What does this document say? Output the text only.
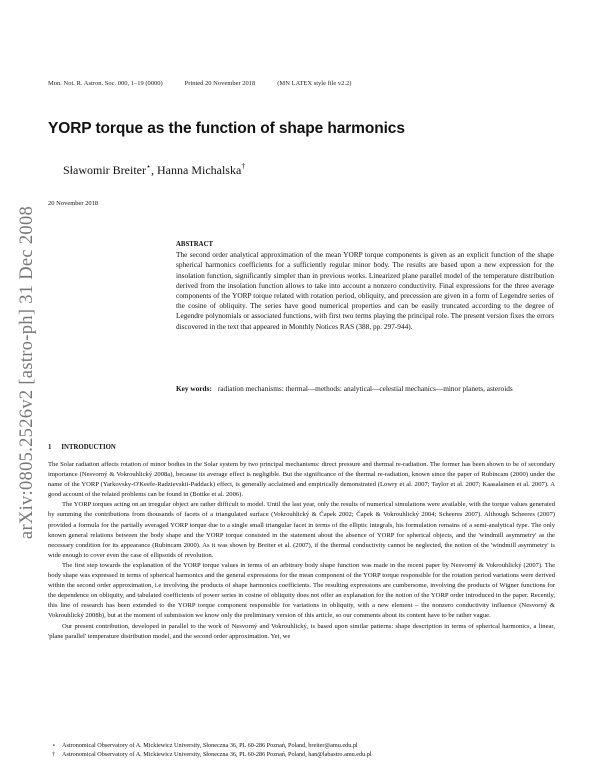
arXiv:0805.2526v2 [astro-ph] 31 Dec 2008
Mon. Not. R. Astron. Soc. 000, 1–19 (0000)	Printed 20 November 2018	(MN LATEX style file v2.2)
YORP torque as the function of shape harmonics
Sławomir Breiter⋆, Hanna Michalska†
20 November 2018
ABSTRACT
The second order analytical approximation of the mean YORP torque components is given as an explicit function of the shape spherical harmonics coefficients for a sufficiently regular minor body. The results are based upon a new expression for the insolation function, significantly simpler than in previous works. Linearized plane parallel model of the temperature distribution derived from the insolation function allows to take into account a nonzero conductivity. Final expressions for the three average components of the YORP torque related with rotation period, obliquity, and precession are given in a form of Legendre series of the cosine of obliquity. The series have good numerical properties and can be easily truncated according to the degree of Legendre polynomials or associated functions, with first two terms playing the principal role. The present version fixes the errors discovered in the text that appeared in Monthly Notices RAS (388, pp. 297-944).
Key words: radiation mechanisms: thermal—methods: analytical—celestial mechanics—minor planets, asteroids
1 INTRODUCTION

The Solar radiation affects rotation of minor bodies in the Solar system by two principal mechanisms: direct pressure and thermal re-radiation. The former has been shown to be of secondary importance (Nesvorný & Vokrouhlický 2008a), because its average effect is negligible. But the significance of the thermal re-radiation, known since the paper of Rubincam (2000) under the name of the YORP (Yarkovsky-O'Keefe-Radzievskii-Paddack) effect, is generally acclaimed and empirically demonstrated (Lowry et al. 2007; Taylor et al. 2007; Kaasalainen et al. 2007). A good account of the related problems can be found in (Bottke et al. 2006).

The YORP torques acting on an irregular object are rather difficult to model. Until the last year, only the results of numerical simulations were available, with the torque values generated by summing the contributions from thousands of facets of a triangulated surface (Vokrouhlický & Čapek 2002; Čapek & Vokrouhlický 2004; Scheeres 2007). Although Scheeres (2007) provided a formula for the partially averaged YORP torque due to a single small triangular facet in terms of the elliptic integrals, his formulation remains of a semi-analytical type. The only known general relations between the body shape and the YORP torque consisted in the statement about the absence of YORP for spherical objects, and the 'windmill asymmetry' as the necessary condition for its appearance (Rubincam 2000). As it was shown by Breiter et al. (2007), if the thermal conductivity cannot be neglected, the notion of the 'windmill asymmetry' is wide enough to cover even the case of ellipsoids of revolution.

The first step towards the explanation of the YORP torque values in terms of an arbitrary body shape function was made in the recent paper by Nesvorný & Vokrouhlický (2007). The body shape was expressed in terms of spherical harmonics and the general expressions for the mean component of the YORP torque responsible for the rotation period variations were derived within the second order approximation, i.e involving the products of shape harmonics coefficients. The resulting expressions are cumbersome, involving the products of Wigner functions for the dependence on obliquity, and tabulated coefficients of power series in cosine of obliquity does not offer an explanation for the notion of the YORP order introduced in the paper. Recently, this line of research has been extended to the YORP torque component responsible for variations in obliquity, with a new element – the nonzero conductivity influence (Nesvorný & Vokrouhlický 2008b), but at the moment of submission we know only the preliminary version of this article, so our comments about its content have to be rather vague.

Our present contribution, developed in parallel to the work of Nesvorný and Vokrouhlický, is based upon similar patterns: shape description in terms of spherical harmonics, a linear, 'plane parallel' temperature distribution model, and the second order approximation. Yet, we

⋆ Astronomical Observatory of A. Mickiewicz University, Słoneczna 36, PL 60-286 Poznań, Poland, breiter@amu.edu.pl
† Astronomical Observatory of A. Mickiewicz University, Słoneczna 36, PL 60-286 Poznań, Poland, han@labastro.amu.edu.pl
